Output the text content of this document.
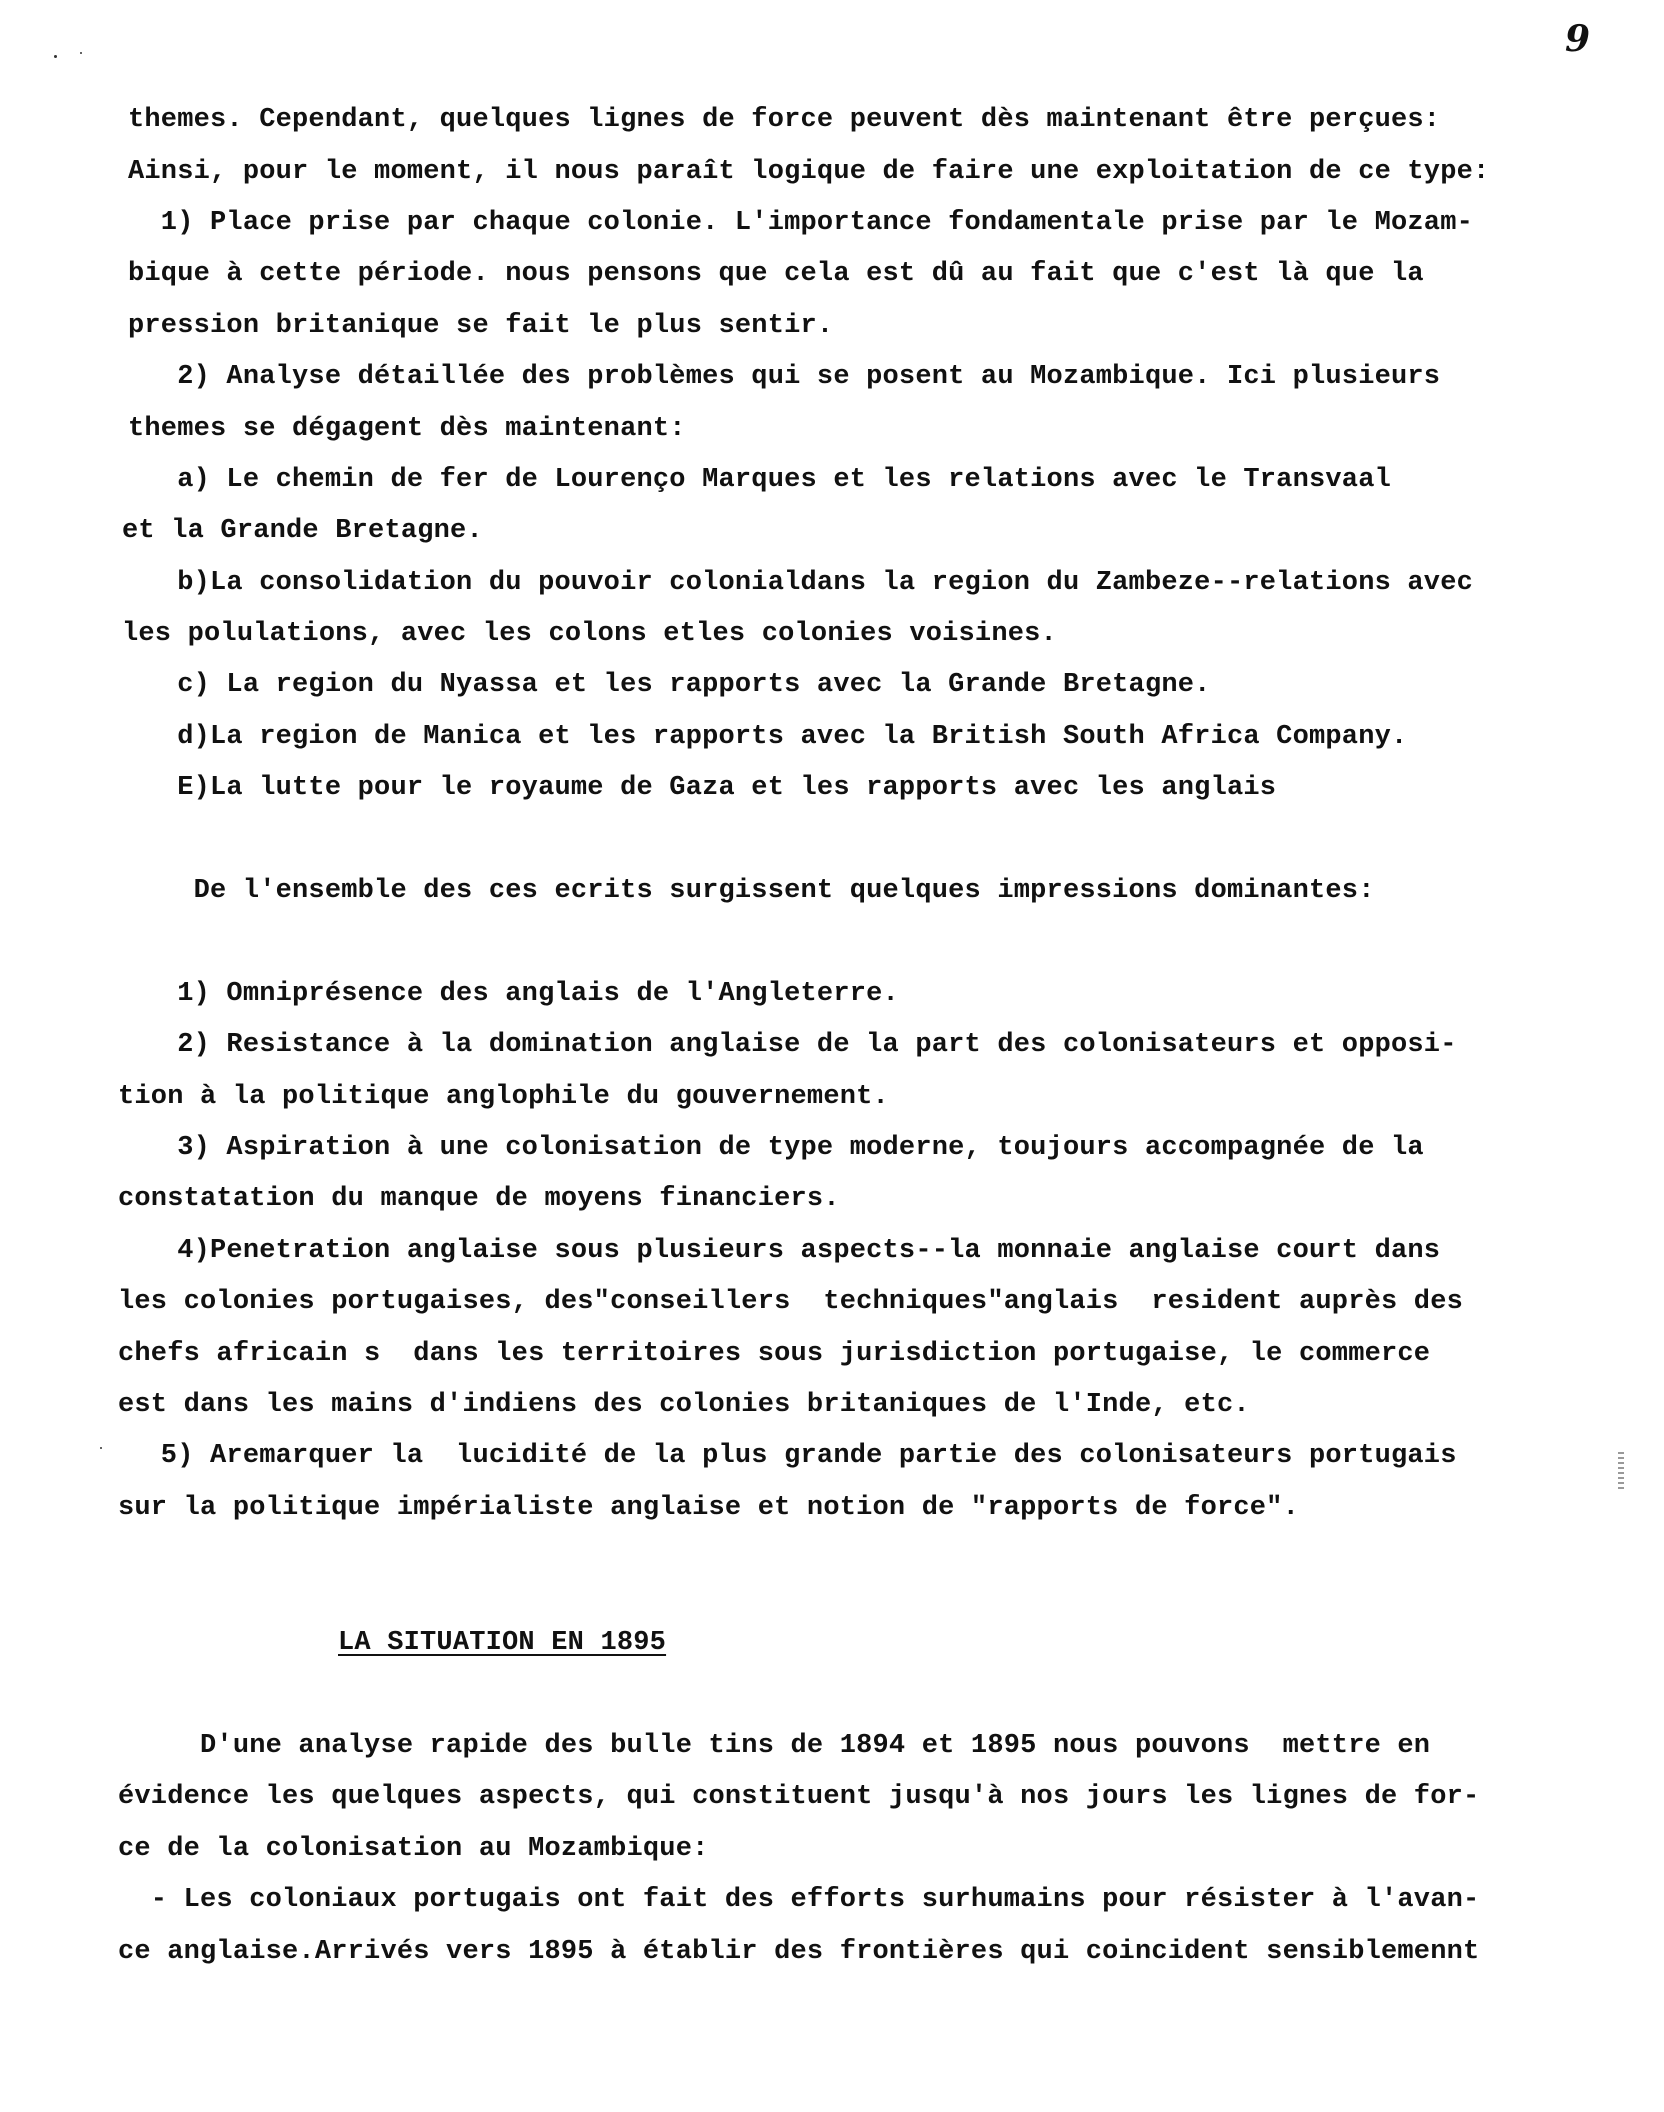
9
themes. Cependant, quelques lignes de force peuvent dès maintenant être perçues:
Ainsi, pour le moment, il nous paraît logique de faire une exploitation de ce type:
1) Place prise par chaque colonie. L'importance fondamentale prise par le Mozam-
bique à cette période. nous pensons que cela est dû au fait que c'est là que la
pression britanique se fait le plus sentir.
2) Analyse détaillée des problèmes qui se posent au Mozambique. Ici plusieurs
themes se dégagent dès maintenant:
a) Le chemin de fer de Lourenço Marques et les relations avec le Transvaal
et la Grande Bretagne.
b)La consolidation du pouvoir colonialdans la region du Zambeze--relations avec
les polulations, avec les colons etles colonies voisines.
c) La region du Nyassa et les rapports avec la Grande Bretagne.
d)La region de Manica et les rapports avec la British South Africa Company.
E)La lutte pour le royaume de Gaza et les rapports avec les anglais
De l'ensemble des ces ecrits surgissent quelques impressions dominantes:
1) Omniprésence des anglais de l'Angleterre.
2) Resistance à la domination anglaise de la part des colonisateurs et opposi-
tion à la politique anglophile du gouvernement.
3) Aspiration à une colonisation de type moderne, toujours accompagnée de la
constatation du manque de moyens financiers.
4)Penetration anglaise sous plusieurs aspects--la monnaie anglaise court dans
les colonies portugaises, des"conseillers  techniques"anglais  resident auprès des
chefs africain s  dans les territoires sous jurisdiction portugaise, le commerce
est dans les mains d'indiens des colonies britaniques de l'Inde, etc.
5) Aremarquer la  lucidité de la plus grande partie des colonisateurs portugais
sur la politique impérialiste anglaise et notion de "rapports de force".
LA SITUATION EN 1895
D'une analyse rapide des bulle tins de 1894 et 1895 nous pouvons  mettre en
évidence les quelques aspects, qui constituent jusqu'à nos jours les lignes de for-
ce de la colonisation au Mozambique:
- Les coloniaux portugais ont fait des efforts surhumains pour résister à l'avan-
ce anglaise.Arrivés vers 1895 à établir des frontières qui coincident sensiblemennt
